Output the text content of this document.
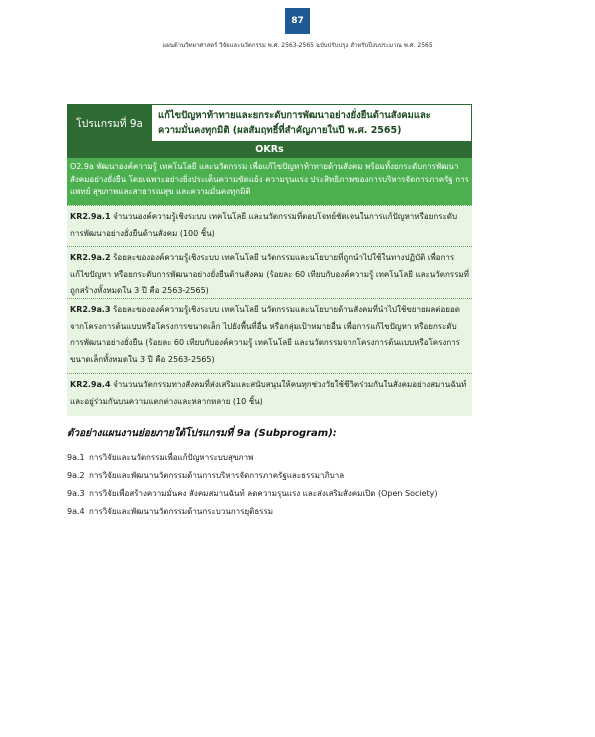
87
แผนด้านวิทยาศาสตร์ วิจัยและนวัตกรรม พ.ศ. 2563-2565 ฉบับปรับปรุง สำหรับปีงบประมาณ พ.ศ. 2565
โปรแกรมที่ 9a
แก้ไขปัญหาท้าทายและยกระดับการพัฒนาอย่างยั่งยืนด้านสังคมและ
ความมั่นคงทุกมิติ (ผลสัมฤทธิ์ที่สำคัญภายในปี พ.ศ. 2565)
OKRs
O2.9a พัฒนาองค์ความรู้ เทคโนโลยี และนวัตกรรม เพื่อแก้ไขปัญหาท้าทายด้านสังคม พร้อมทั้งยกระดับการพัฒนาสังคมอย่างยั่งยืน โดยเฉพาะอย่างยิ่งประเด็นความขัดแย้ง ความรุนแรง ประสิทธิภาพของการบริหารจัดการภาครัฐ การแพทย์ สุขภาพและสาธารณสุข และความมั่นคงทุกมิติ
KR2.9a.1 จำนวนองค์ความรู้เชิงระบบ เทคโนโลยี และนวัตกรรมที่ตอบโจทย์ชัดเจนในการแก้ปัญหาหรือยกระดับการพัฒนาอย่างยั่งยืนด้านสังคม (100 ชิ้น)
KR2.9a.2 ร้อยละขององค์ความรู้เชิงระบบ เทคโนโลยี นวัตกรรมและนโยบายที่ถูกนำไปใช้ในทางปฏิบัติ เพื่อการแก้ไขปัญหา หรือยกระดับการพัฒนาอย่างยั่งยืนด้านสังคม (ร้อยละ 60 เทียบกับองค์ความรู้ เทคโนโลยี และนวัตกรรมที่ถูกสร้างทั้งหมดใน 3 ปี คือ 2563-2565)
KR2.9a.3 ร้อยละขององค์ความรู้เชิงระบบ เทคโนโลยี นวัตกรรมและนโยบายด้านสังคมที่นำไปใช้ขยายผลต่อยอดจากโครงการต้นแบบหรือโครงการขนาดเล็ก ไปยังพื้นที่อื่น หรือกลุ่มเป้าหมายอื่น เพื่อการแก้ไขปัญหา หรือยกระดับการพัฒนาอย่างยั่งยืน (ร้อยละ 60 เทียบกับองค์ความรู้ เทคโนโลยี และนวัตกรรมจากโครงการต้นแบบหรือโครงการขนาดเล็กทั้งหมดใน 3 ปี คือ 2563-2565)
KR2.9a.4 จำนวนนวัตกรรมทางสังคมที่ส่งเสริมและสนับสนุนให้คนทุกช่วงวัยใช้ชีวิตร่วมกันในสังคมอย่างสมานฉันท์และอยู่ร่วมกันบนความแตกต่างและหลากหลาย (10 ชิ้น)
ตัวอย่างแผนงานย่อยภายใต้โปรแกรมที่ 9a (Subprogram):
9a.1 การวิจัยและนวัตกรรมเพื่อแก้ปัญหาระบบสุขภาพ
9a.2 การวิจัยและพัฒนานวัตกรรมด้านการบริหารจัดการภาครัฐและธรรมาภิบาล
9a.3 การวิจัยเพื่อสร้างความมั่นคง สังคมสมานฉันท์ ลดความรุนแรง และส่งเสริมสังคมเปิด (Open Society)
9a.4 การวิจัยและพัฒนานวัตกรรมด้านกระบวนการยุติธรรม
